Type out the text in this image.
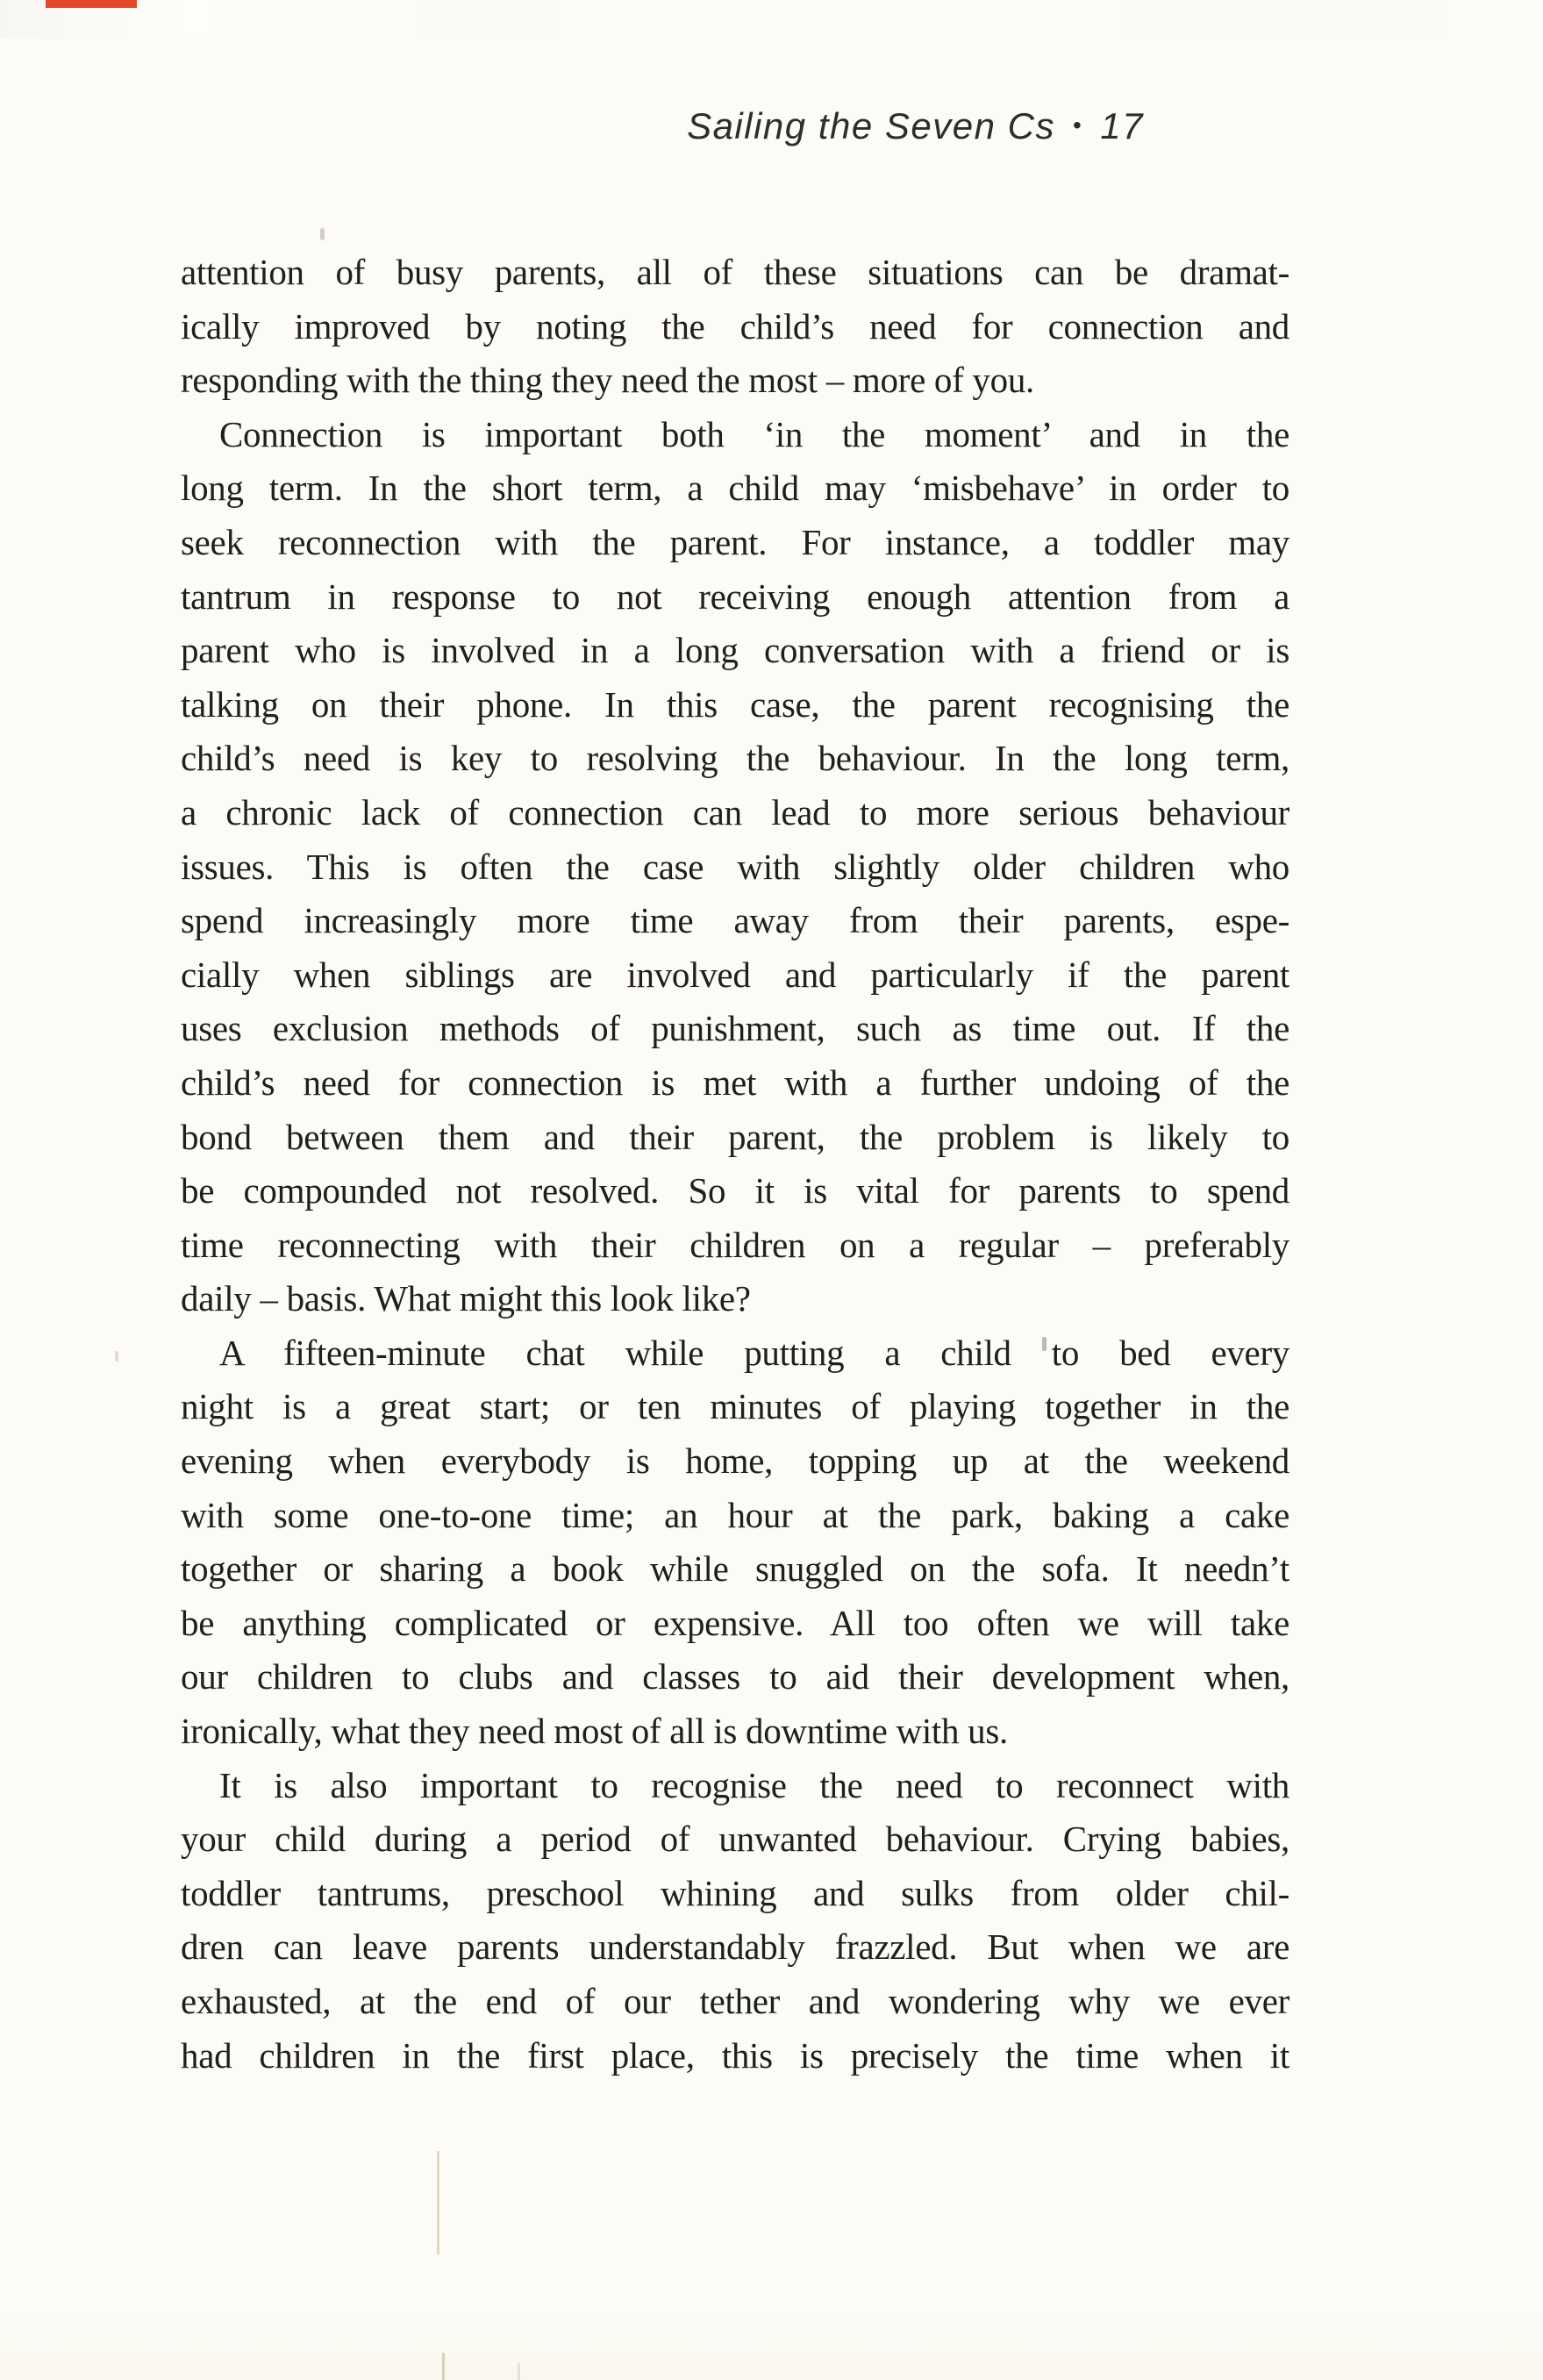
Sailing the Seven Cs • 17
attention of busy parents, all of these situations can be dramat-
ically improved by noting the child’s need for connection and
responding with the thing they need the most – more of you.
Connection is important both ‘in the moment’ and in the
long term. In the short term, a child may ‘misbehave’ in order to
seek reconnection with the parent. For instance, a toddler may
tantrum in response to not receiving enough attention from a
parent who is involved in a long conversation with a friend or is
talking on their phone. In this case, the parent recognising the
child’s need is key to resolving the behaviour. In the long term,
a chronic lack of connection can lead to more serious behaviour
issues. This is often the case with slightly older children who
spend increasingly more time away from their parents, espe-
cially when siblings are involved and particularly if the parent
uses exclusion methods of punishment, such as time out. If the
child’s need for connection is met with a further undoing of the
bond between them and their parent, the problem is likely to
be compounded not resolved. So it is vital for parents to spend
time reconnecting with their children on a regular – preferably
daily – basis. What might this look like?
A fifteen-minute chat while putting a child to bed every
night is a great start; or ten minutes of playing together in the
evening when everybody is home, topping up at the weekend
with some one-to-one time; an hour at the park, baking a cake
together or sharing a book while snuggled on the sofa. It needn’t
be anything complicated or expensive. All too often we will take
our children to clubs and classes to aid their development when,
ironically, what they need most of all is downtime with us.
It is also important to recognise the need to reconnect with
your child during a period of unwanted behaviour. Crying babies,
toddler tantrums, preschool whining and sulks from older chil-
dren can leave parents understandably frazzled. But when we are
exhausted, at the end of our tether and wondering why we ever
had children in the first place, this is precisely the time when it
